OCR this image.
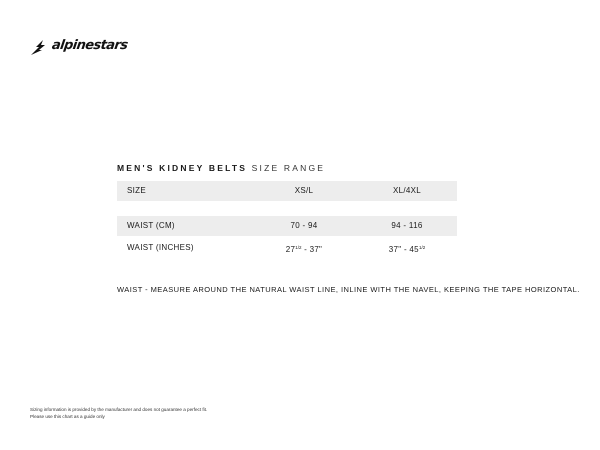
alpinestars
MEN'S KIDNEY BELTS SIZE RANGE
SIZE	XS/L	XL/4XL
WAIST (CM)	70 - 94	94 - 116
WAIST (INCHES)	$27^{1/2} - 37$"	37" - $45^{1/2}$
WAIST - MEASURE AROUND THE NATURAL WAIST LINE, INLINE WITH THE NAVEL, KEEPING THE TAPE HORIZONTAL.
Sizing information is provided by the manufacturer and does not guarantee a perfect fit.
Please use this chart as a guide only
